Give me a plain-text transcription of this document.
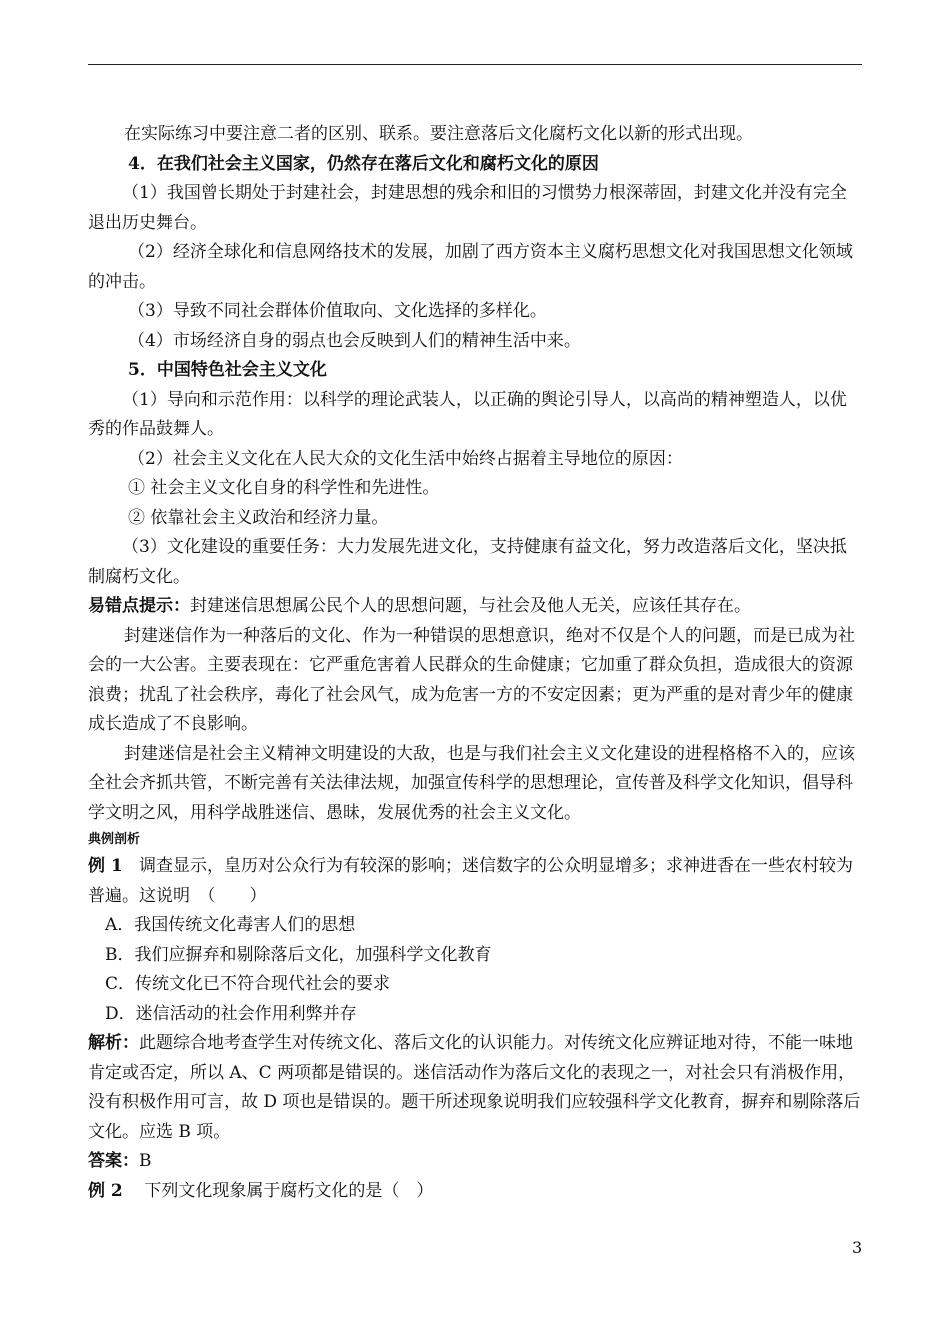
在实际练习中要注意二者的区别、联系。要注意落后文化腐朽文化以新的形式出现。

4．在我们社会主义国家，仍然存在落后文化和腐朽文化的原因

（1）我国曾长期处于封建社会，封建思想的残余和旧的习惯势力根深蒂固，封建文化并没有完全退出历史舞台。

（2）经济全球化和信息网络技术的发展，加剧了西方资本主义腐朽思想文化对我国思想文化领域的冲击。

（3）导致不同社会群体价值取向、文化选择的多样化。

（4）市场经济自身的弱点也会反映到人们的精神生活中来。

5．中国特色社会主义文化

（1）导向和示范作用：以科学的理论武装人，以正确的舆论引导人，以高尚的精神塑造人，以优秀的作品鼓舞人。

（2）社会主义文化在人民大众的文化生活中始终占据着主导地位的原因：

① 社会主义文化自身的科学性和先进性。

② 依靠社会主义政治和经济力量。

（3）文化建设的重要任务：大力发展先进文化，支持健康有益文化，努力改造落后文化，坚决抵制腐朽文化。

易错点提示：封建迷信思想属公民个人的思想问题，与社会及他人无关，应该任其存在。

封建迷信作为一种落后的文化、作为一种错误的思想意识，绝对不仅是个人的问题，而是已成为社会的一大公害。主要表现在：它严重危害着人民群众的生命健康；它加重了群众负担，造成很大的资源浪费；扰乱了社会秩序，毒化了社会风气，成为危害一方的不安定因素；更为严重的是对青少年的健康成长造成了不良影响。

封建迷信是社会主义精神文明建设的大敌，也是与我们社会主义文化建设的进程格格不入的，应该全社会齐抓共管，不断完善有关法律法规，加强宣传科学的思想理论，宣传普及科学文化知识，倡导科学文明之风，用科学战胜迷信、愚昧，发展优秀的社会主义文化。

典例剖析

例 1 调查显示，皇历对公众行为有较深的影响；迷信数字的公众明显增多；求神进香在一些农村较为普遍。这说明　（　　）

A．我国传统文化毒害人们的思想

B．我们应摒弃和剔除落后文化，加强科学文化教育

C．传统文化已不符合现代社会的要求

D．迷信活动的社会作用利弊并存

解析：此题综合地考查学生对传统文化、落后文化的认识能力。对传统文化应辨证地对待，不能一味地肯定或否定，所以 A、C 两项都是错误的。迷信活动作为落后文化的表现之一，对社会只有消极作用，没有积极作用可言，故 D 项也是错误的。题干所述现象说明我们应较强科学文化教育，摒弃和剔除落后文化。应选 B 项。

答案：B

例 2 下列文化现象属于腐朽文化的是（　）

3
